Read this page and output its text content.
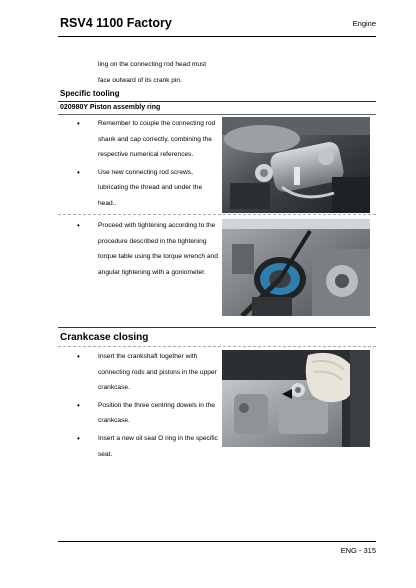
RSV4 1100 Factory	Engine

ling on the connecting rod head must face outward of its crank pin.

Specific tooling
020980Y Piston assembly ring
• Remember to couple the connecting rod shank and cap correctly, combining the respective numerical references.
• Use new connecting rod screws, lubricating the thread and under the head..
• Proceed with tightening according to the procedure described in the tightening torque table using the torque wrench and angular tightening with a goniometer.
Crankcase closing
• Insert the crankshaft together with connecting rods and pistons in the upper crankcase.
• Position the three centring dowels in the crankcase.
• Insert a new oil seal O ring in the specific seat.
ENG - 315
